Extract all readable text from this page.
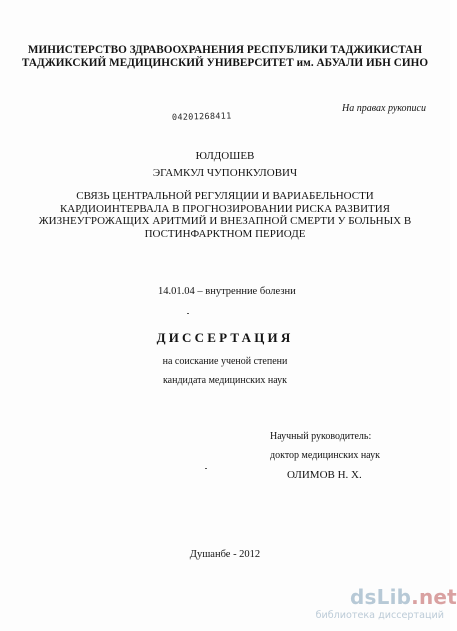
МИНИСТЕРСТВО ЗДРАВООХРАНЕНИЯ РЕСПУБЛИКИ ТАДЖИКИСТАН
ТАДЖИКСКИЙ МЕДИЦИНСКИЙ УНИВЕРСИТЕТ им. АБУАЛИ ИБН СИНО
На правах рукописи
04201268411
ЮЛДОШЕВ
ЭГАМКУЛ ЧУПОНКУЛОВИЧ
СВЯЗЬ ЦЕНТРАЛЬНОЙ РЕГУЛЯЦИИ И ВАРИАБЕЛЬНОСТИ
КАРДИОИНТЕРВАЛА В ПРОГНОЗИРОВАНИИ РИСКА РАЗВИТИЯ
ЖИЗНЕУГРОЖАЩИХ АРИТМИЙ И ВНЕЗАПНОЙ СМЕРТИ У БОЛЬНЫХ В
ПОСТИНФАРКТНОМ ПЕРИОДЕ
14.01.04 – внутренние болезни
ДИССЕРТАЦИЯ
на соискание ученой степени
кандидата медицинских наук
Научный руководитель:
доктор медицинских наук
ОЛИМОВ Н. Х.
Душанбе - 2012
dsLib.net
библиотека диссертаций
